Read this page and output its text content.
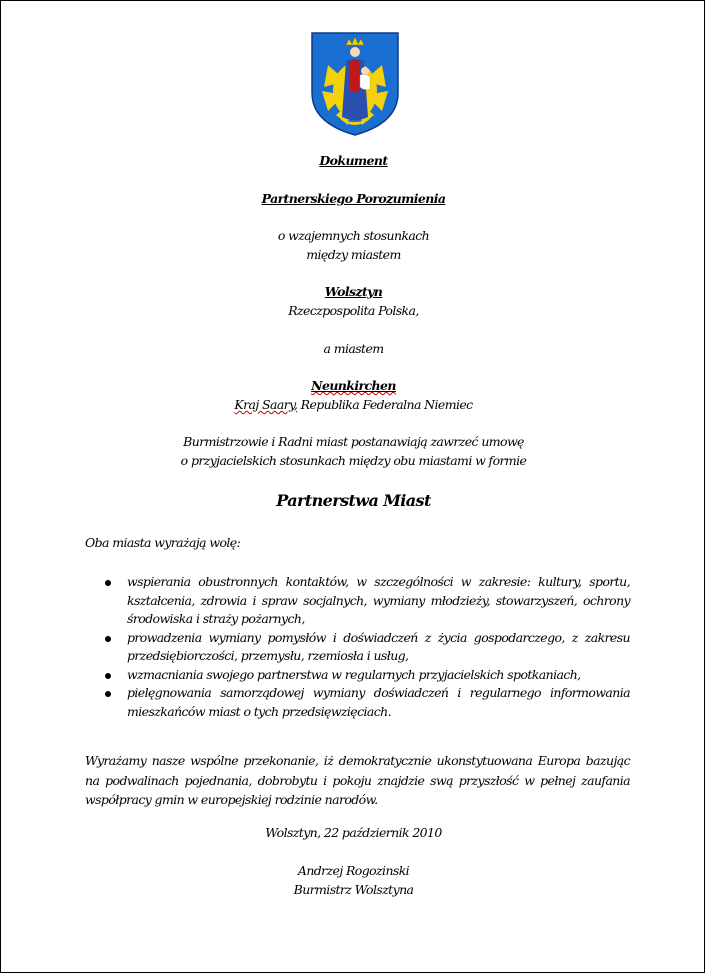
Dokument
Partnerskiego Porozumienia
o wzajemnych stosunkach
między miastem
Wolsztyn
Rzeczpospolita Polska,
a miastem
Neunkirchen
Kraj Saary, Republika Federalna Niemiec
Burmistrzowie i Radni miast postanawiają zawrzeć umowę
o przyjacielskich stosunkach między obu miastami w formie
Partnerstwa Miast
Oba miasta wyrażają wolę:
wspierania obustronnych kontaktów, w szczególności w zakresie: kultury, sportu, kształcenia, zdrowia i spraw socjalnych, wymiany młodzieży, stowarzyszeń, ochrony środowiska i straży pożarnych,
prowadzenia wymiany pomysłów i doświadczeń z życia gospodarczego, z zakresu przedsiębiorczości, przemysłu, rzemiosła i usług,
wzmacniania swojego partnerstwa w regularnych przyjacielskich spotkaniach,
pielęgnowania samorządowej wymiany doświadczeń i regularnego informowania mieszkańców miast o tych przedsięwzięciach.
Wyrażamy nasze wspólne przekonanie, iż demokratycznie ukonstytuowana Europa bazując na podwalinach pojednania, dobrobytu i pokoju znajdzie swą przyszłość w pełnej zaufania współpracy gmin w europejskiej rodzinie narodów.
Wolsztyn, 22 październik 2010
Andrzej Rogozinski
Burmistrz Wolsztyna
